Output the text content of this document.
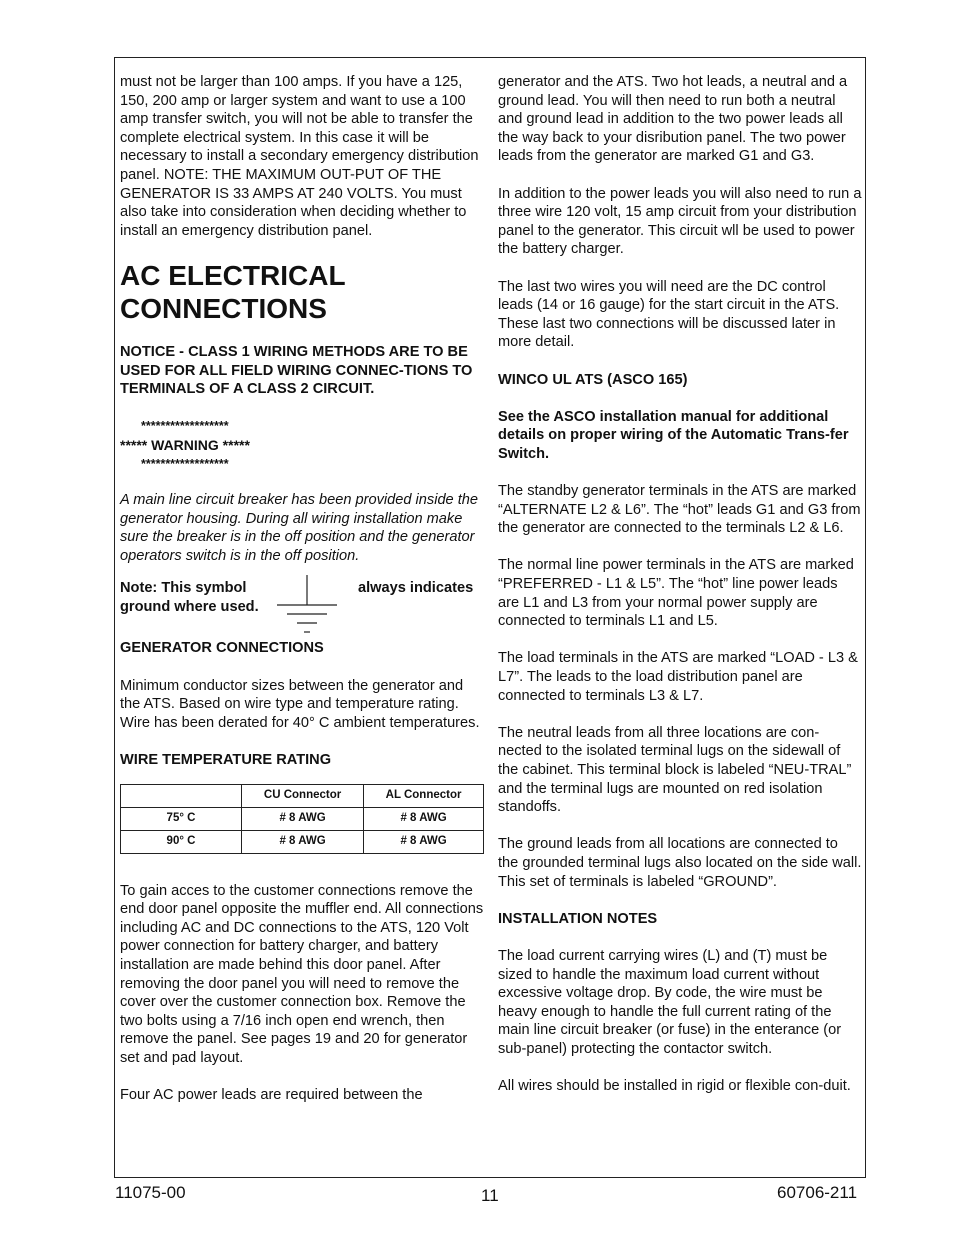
must not be larger than 100 amps. If you have a 125, 150, 200 amp or larger system and want to use a 100 amp transfer switch, you will not be able to transfer the complete electrical system. In this case it will be necessary to install a secondary emergency distribution panel. NOTE: THE MAXIMUM OUT-PUT OF THE GENERATOR IS 33 AMPS AT 240 VOLTS. You must also take into consideration when deciding whether to install an emergency distribution panel.

AC ELECTRICAL
CONNECTIONS

NOTICE - CLASS 1 WIRING METHODS ARE TO BE USED FOR ALL FIELD WIRING CONNEC-TIONS TO TERMINALS OF A CLASS 2 CIRCUIT.

******************
***** WARNING *****
******************

A main line circuit breaker has been provided inside the generator housing. During all wiring installation make sure the breaker is in the off position and the generator operators switch is in the off position.

Note: This symbol ground where used.
always indicates

GENERATOR CONNECTIONS

Minimum conductor sizes between the generator and the ATS. Based on wire type and temperature rating. Wire has been derated for 40° C ambient temperatures.

WIRE TEMPERATURE RATING

	CU Connector	AL Connector
75° C	# 8 AWG	# 8 AWG
90° C	# 8 AWG	# 8 AWG

To gain acces to the customer connections remove the end door panel opposite the muffler end. All connections including AC and DC connections to the ATS, 120 Volt power connection for battery charger, and battery installation are made behind this door panel. After removing the door panel you will need to remove the cover over the customer connection box. Remove the two bolts using a 7/16 inch open end wrench, then remove the panel. See pages 19 and 20 for generator set and pad layout.

Four AC power leads are required between the

generator and the ATS. Two hot leads, a neutral and a ground lead. You will then need to run both a neutral and ground lead in addition to the two power leads all the way back to your disribution panel. The two power leads from the generator are marked G1 and G3.

In addition to the power leads you will also need to run a three wire 120 volt, 15 amp circuit from your distribution panel to the generator. This circuit wll be used to power the battery charger.

The last two wires you will need are the DC control leads (14 or 16 gauge) for the start circuit in the ATS. These last two connections will be discussed later in more detail.

WINCO UL ATS (ASCO 165)

See the ASCO installation manual for additional details on proper wiring of the Automatic Trans-fer Switch.

The standby generator terminals in the ATS are marked “ALTERNATE L2 & L6”. The “hot” leads G1 and G3 from the generator are connected to the terminals L2 & L6.

The normal line power terminals in the ATS are marked “PREFERRED - L1 & L5”. The “hot” line power leads are L1 and L3 from your normal power supply are connected to terminals L1 and L5.

The load terminals in the ATS are marked “LOAD - L3 & L7”. The leads to the load distribution panel are connected to terminals L3 & L7.

The neutral leads from all three locations are con-nected to the isolated terminal lugs on the sidewall of the cabinet. This terminal block is labeled “NEU-TRAL” and the terminal lugs are mounted on red isolation standoffs.

The ground leads from all locations are connected to the grounded terminal lugs also located on the side wall. This set of terminals is labeled “GROUND”.

INSTALLATION NOTES

The load current carrying wires (L) and (T) must be sized to handle the maximum load current without excessive voltage drop. By code, the wire must be heavy enough to handle the full current rating of the main line circuit breaker (or fuse) in the enterance (or sub-panel) protecting the contactor switch.

All wires should be installed in rigid or flexible con-duit.

11075-00	11	60706-211
